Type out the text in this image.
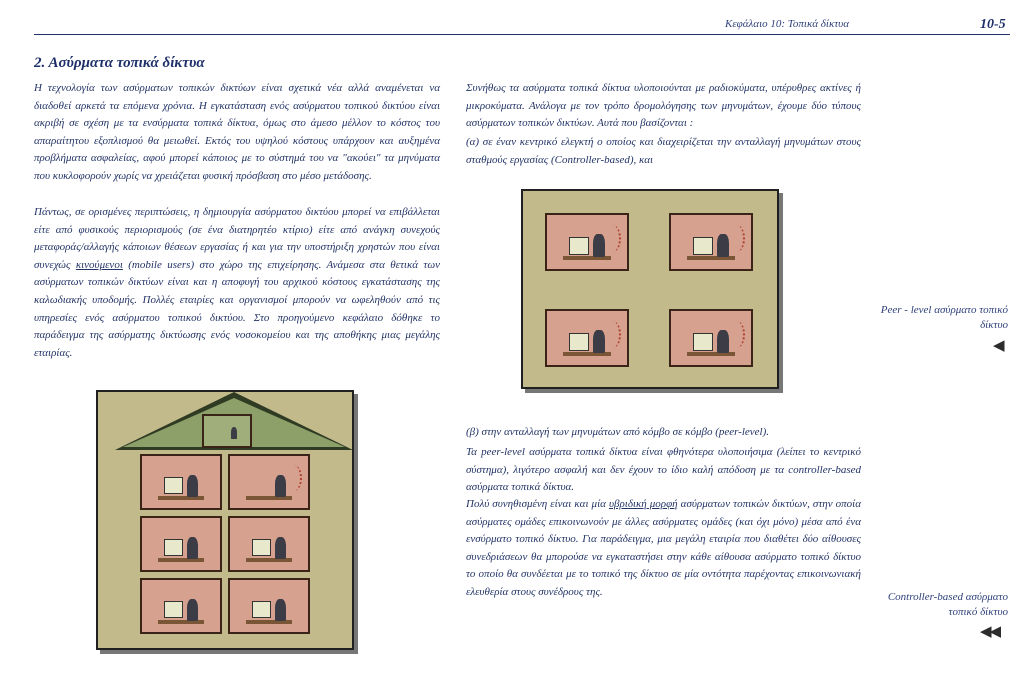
Κεφάλαιο 10: Τοπικά δίκτυα	10-5
2. Ασύρματα τοπικά δίκτυα

Η τεχνολογία των ασύρματων τοπικών δικτύων είναι σχετικά νέα αλλά αναμένεται να διαδοθεί αρκετά τα επόμενα χρόνια. Η εγκατάσταση ενός ασύρματου τοπικού δικτύου είναι ακριβή σε σχέση με τα ενσύρματα τοπικά δίκτυα, όμως στο άμεσο μέλλον το κόστος του απαραίτητου εξοπλισμού θα μειωθεί. Εκτός του υψηλού κόστους υπάρχουν και αυξημένα προβλήματα ασφαλείας, αφού μπορεί κάποιος με το σύστημά του να "ακούει" τα μηνύματα που κυκλοφορούν χωρίς να χρειάζεται φυσική πρόσβαση στο μέσο μετάδοσης.

Πάντως, σε ορισμένες περιπτώσεις, η δημιουργία ασύρματου δικτύου μπορεί να επιβάλλεται είτε από φυσικούς περιορισμούς (σε ένα διατηρητέο κτίριο) είτε από ανάγκη συνεχούς μεταφοράς/αλλαγής κάποιων θέσεων εργασίας ή και για την υποστήριξη χρηστών που είναι συνεχώς κινούμενοι (mobile users) στο χώρο της επιχείρησης. Ανάμεσα στα θετικά των ασύρματων τοπικών δικτύων είναι και η αποφυγή του αρχικού κόστους εγκατάστασης της καλωδιακής υποδομής. Πολλές εταιρίες και οργανισμοί μπορούν να ωφεληθούν από τις υπηρεσίες ενός ασύρματου τοπικού δικτύου. Στο προηγούμενο κεφάλαιο δόθηκε το παράδειγμα της ασύρματης δικτύωσης ενός νοσοκομείου και της αποθήκης μιας μεγάλης εταιρίας.

Συνήθως τα ασύρματα τοπικά δίκτυα υλοποιούνται με ραδιοκύματα, υπέρυθρες ακτίνες ή μικροκύματα. Ανάλογα με τον τρόπο δρομολόγησης των μηνυμάτων, έχουμε δύο τύπους ασύρματων τοπικών δικτύων. Αυτά που βασίζονται :

(α) σε έναν κεντρικό ελεγκτή ο οποίος και διαχειρίζεται την ανταλλαγή μηνυμάτων στους σταθμούς εργασίας (Controller-based), και

(β) στην ανταλλαγή των μηνυμάτων από κόμβο σε κόμβο (peer-level).

Τα peer-level ασύρματα τοπικά δίκτυα είναι φθηνότερα υλοποιήσιμα (λείπει το κεντρικό σύστημα), λιγότερο ασφαλή και δεν έχουν το ίδιο καλή απόδοση με τα controller-based ασύρματα τοπικά δίκτυα.

Πολύ συνηθισμένη είναι και μία υβριδική μορφή ασύρματων τοπικών δικτύων, στην οποία ασύρματες ομάδες επικοινωνούν με άλλες ασύρματες ομάδες (και όχι μόνο) μέσα από ένα ενσύρματο τοπικό δίκτυο. Για παράδειγμα, μια μεγάλη εταιρία που διαθέτει δύο αίθουσες συνεδριάσεων θα μπορούσε να εγκαταστήσει στην κάθε αίθουσα ασύρματο τοπικό δίκτυο το οποίο θα συνδέεται με το τοπικό της δίκτυο σε μία οντότητα παρέχοντας επικοινωνιακή ελευθερία στους συνέδρους της.

Peer - level ασύρματο τοπικό
δίκτυο
◀
Controller-based ασύρματο
τοπικό δίκτυο
◀◀
